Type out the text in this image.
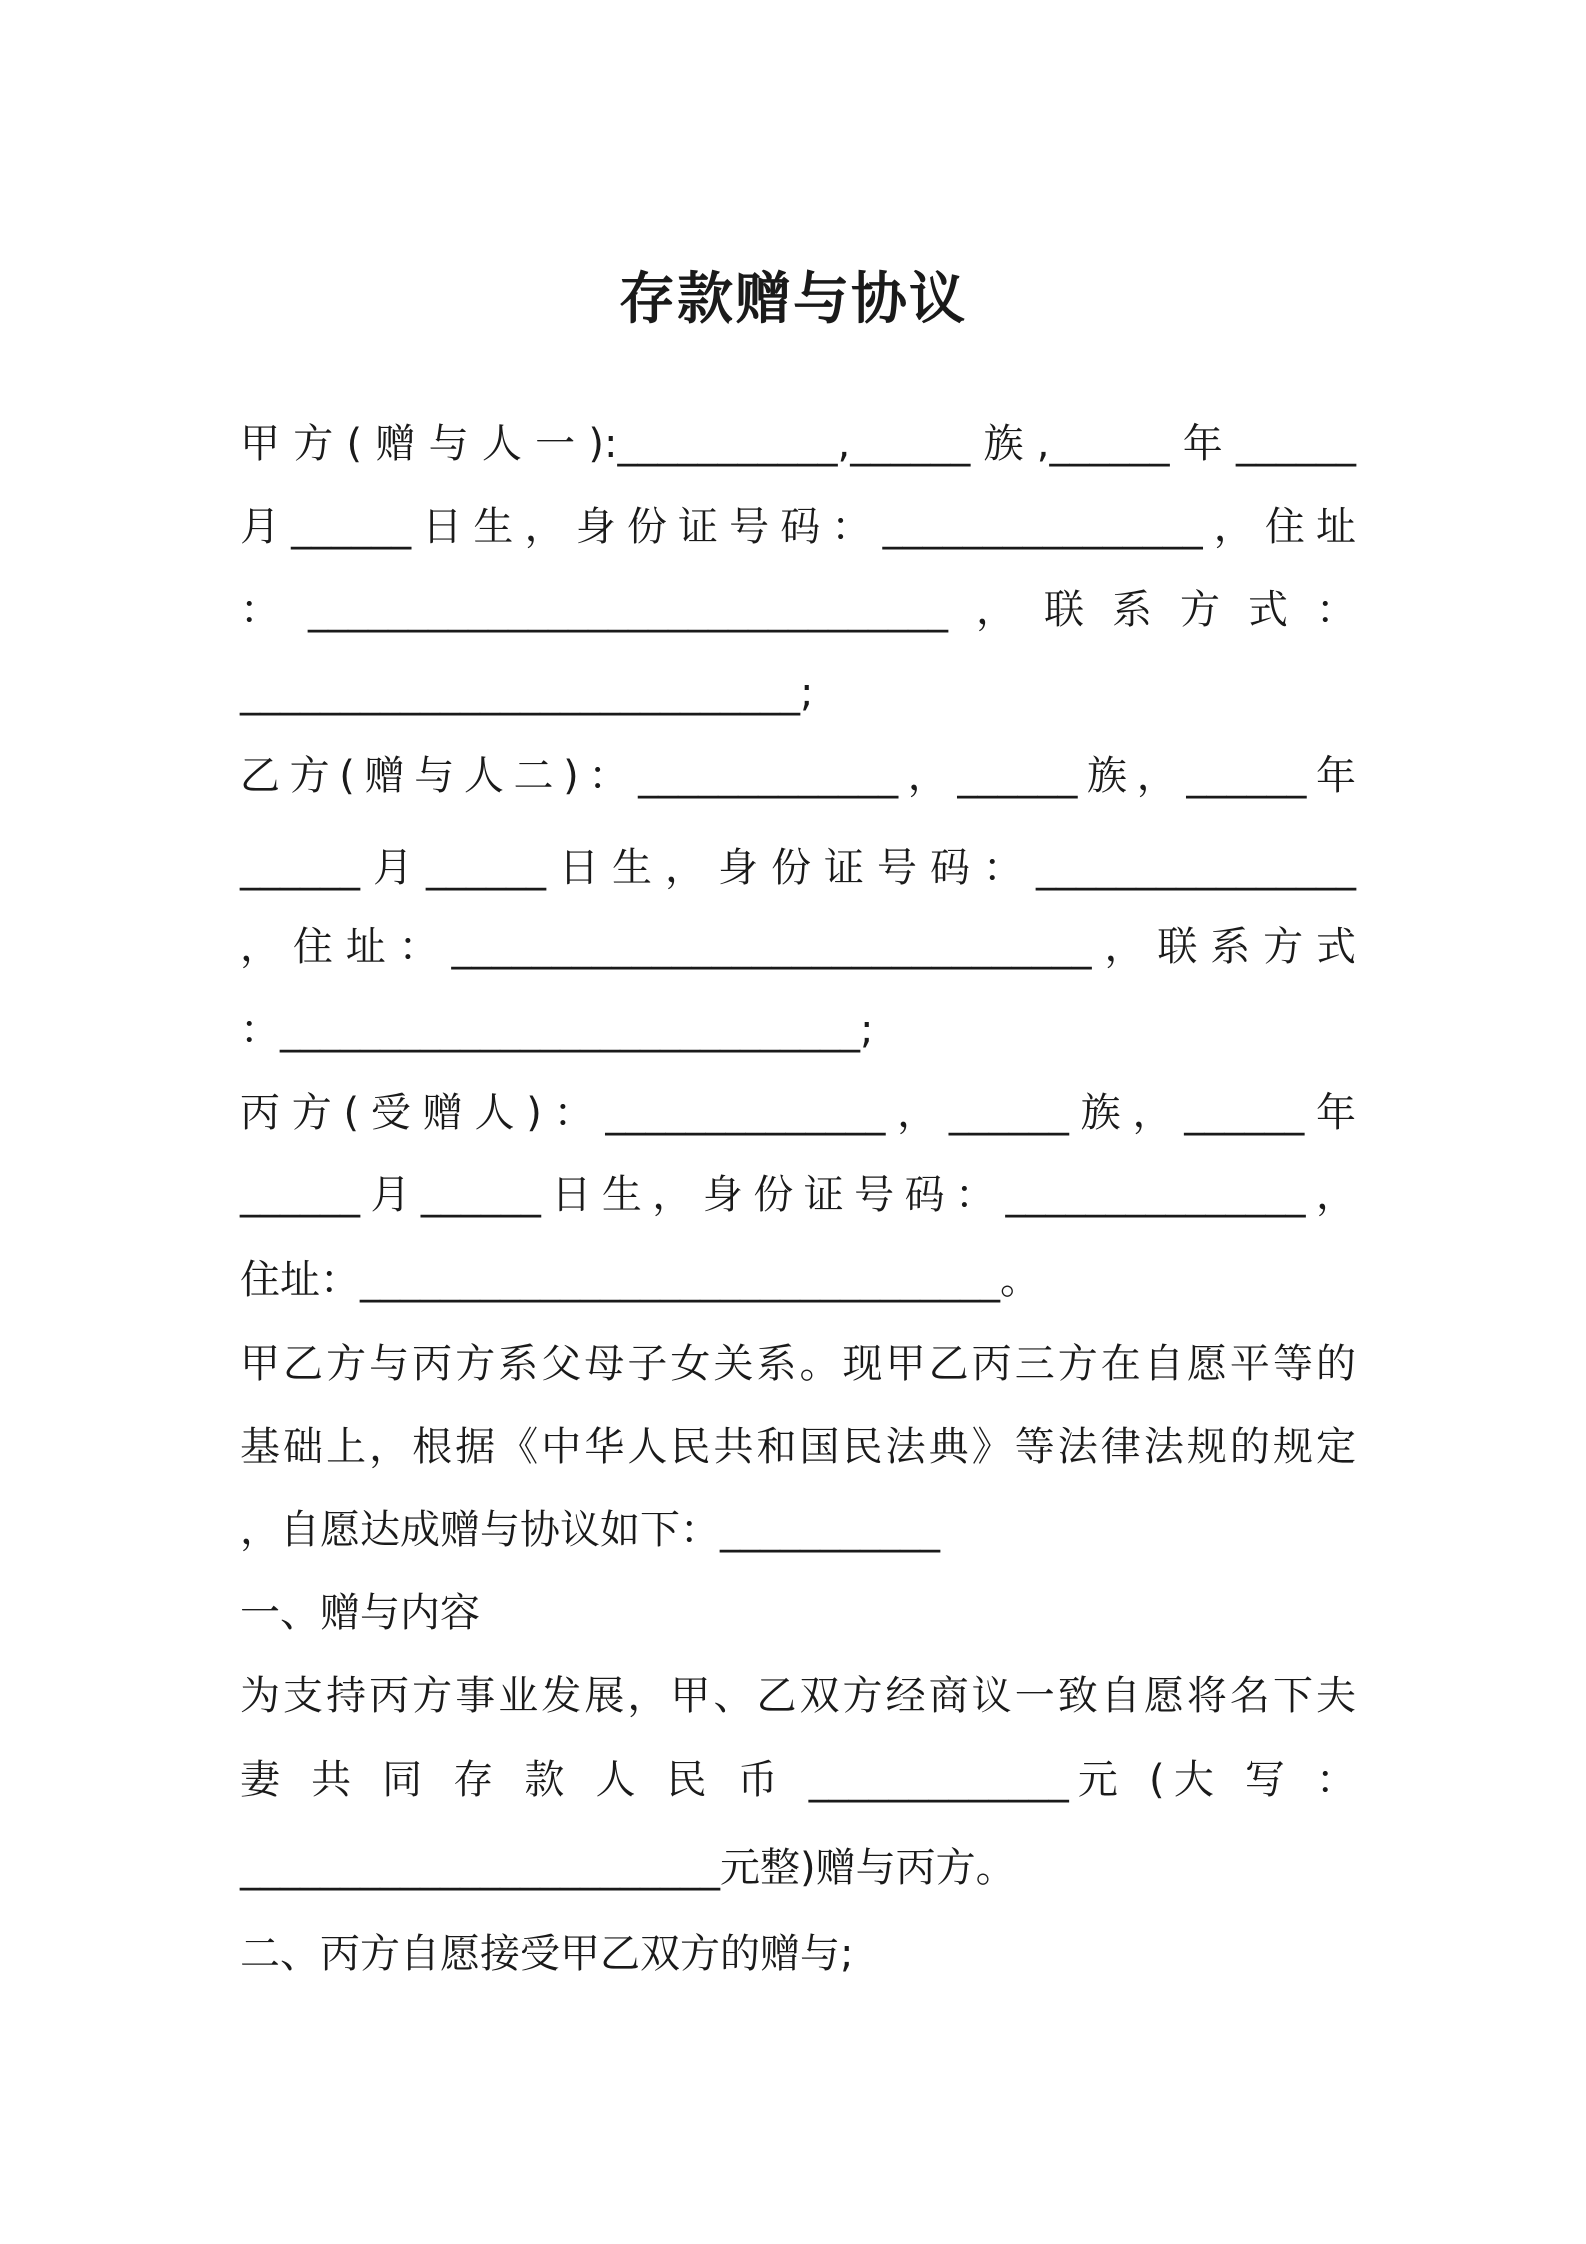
存款赠与协议
甲方(赠与人一):___________,______族,______年______
月______日生，身份证号码：________________，住址
：________________________________，联系方式：
____________________________;
乙方(赠与人二)：_____________，______族，______年
______月______日生，身份证号码：________________
，住址：________________________________，联系方式
：_____________________________;
丙方(受赠人)：______________，______族，______年
______月______日生，身份证号码：_______________，
住址：________________________________。
甲乙方与丙方系父母子女关系。现甲乙丙三方在自愿平等的
基础上，根据《中华人民共和国民法典》等法律法规的规定
，自愿达成赠与协议如下：___________
一、赠与内容
为支持丙方事业发展，甲、乙双方经商议一致自愿将名下夫
妻 共 同 存 款 人 民 币 _____________元 (大 写 ：
________________________元整)赠与丙方。
二、丙方自愿接受甲乙双方的赠与;
